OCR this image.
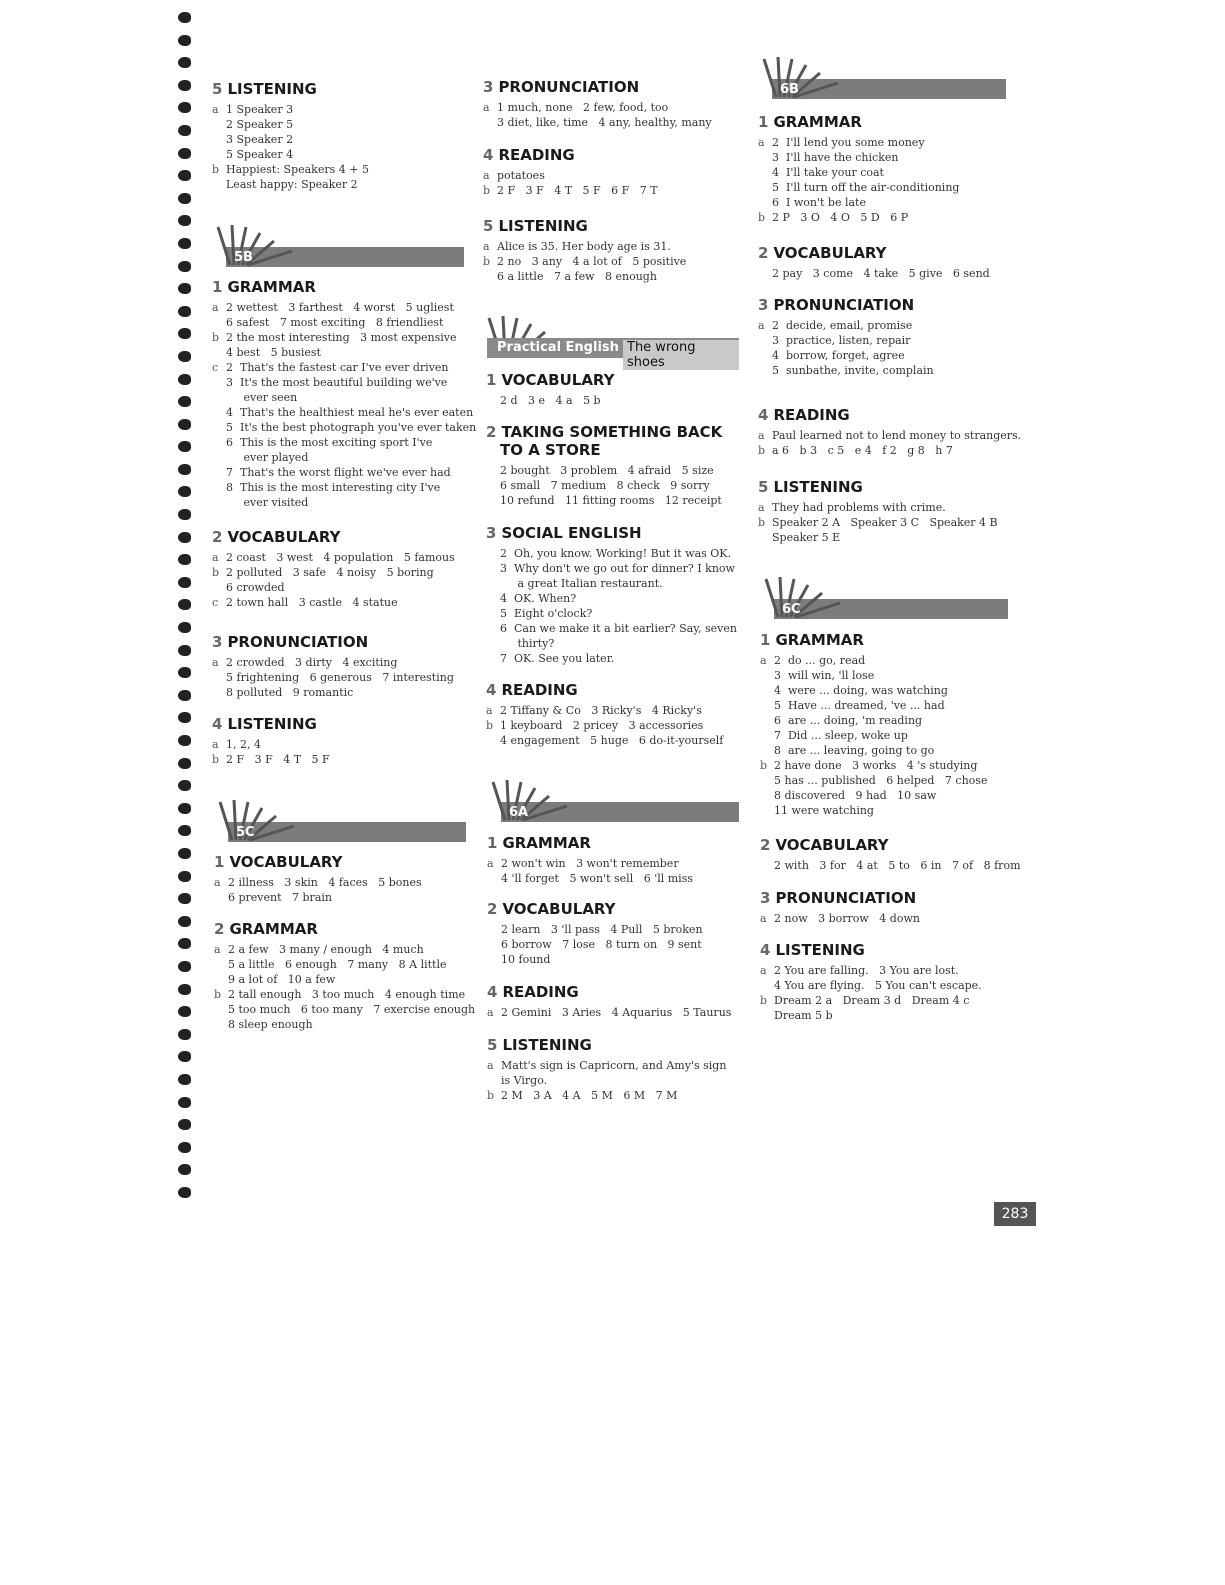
5 LISTENING
a 1 Speaker 3
2 Speaker 5
3 Speaker 2
5 Speaker 4
b Happiest: Speakers 4 + 5
Least happy: Speaker 2
5B
1 GRAMMAR
a 2 wettest   3 farthest   4 worst   5 ugliest
6 safest   7 most exciting   8 friendliest
b 2 the most interesting   3 most expensive
4 best   5 busiest
c 2  That's the fastest car I've ever driven
3  It's the most beautiful building we've
ever seen
4  That's the healthiest meal he's ever eaten
5  It's the best photograph you've ever taken
6  This is the most exciting sport I've
ever played
7  That's the worst flight we've ever had
8  This is the most interesting city I've
ever visited
2 VOCABULARY
a 2 coast   3 west   4 population   5 famous
b 2 polluted   3 safe   4 noisy   5 boring
6 crowded
c 2 town hall   3 castle   4 statue
3 PRONUNCIATION
a 2 crowded   3 dirty   4 exciting
5 frightening   6 generous   7 interesting
8 polluted   9 romantic
4 LISTENING
a 1, 2, 4
b 2 F   3 F   4 T   5 F
5C
1 VOCABULARY
a 2 illness   3 skin   4 faces   5 bones
6 prevent   7 brain
2 GRAMMAR
a 2 a few   3 many / enough   4 much
5 a little   6 enough   7 many   8 A little
9 a lot of   10 a few
b 2 tall enough   3 too much   4 enough time
5 too much   6 too many   7 exercise enough
8 sleep enough
3 PRONUNCIATION
a 1 much, none   2 few, food, too
3 diet, like, time   4 any, healthy, many
4 READING
a potatoes
b 2 F   3 F   4 T   5 F   6 F   7 T
5 LISTENING
a Alice is 35. Her body age is 31.
b 2 no   3 any   4 a lot of   5 positive
6 a little   7 a few   8 enough
Practical English The wrong shoes
1 VOCABULARY
2 d   3 e   4 a   5 b
2 TAKING SOMETHING BACK
TO A STORE
2 bought   3 problem   4 afraid   5 size
6 small   7 medium   8 check   9 sorry
10 refund   11 fitting rooms   12 receipt
3 SOCIAL ENGLISH
2  Oh, you know. Working! But it was OK.
3  Why don't we go out for dinner? I know
a great Italian restaurant.
4  OK. When?
5  Eight o'clock?
6  Can we make it a bit earlier? Say, seven
thirty?
7  OK. See you later.
4 READING
a 2 Tiffany & Co   3 Ricky's   4 Ricky's
b 1 keyboard   2 pricey   3 accessories
4 engagement   5 huge   6 do-it-yourself
6A
1 GRAMMAR
a 2 won't win   3 won't remember
4 'll forget   5 won't sell   6 'll miss
2 VOCABULARY
2 learn   3 'll pass   4 Pull   5 broken
6 borrow   7 lose   8 turn on   9 sent
10 found
4 READING
a 2 Gemini   3 Aries   4 Aquarius   5 Taurus
5 LISTENING
a Matt's sign is Capricorn, and Amy's sign
is Virgo.
b 2 M   3 A   4 A   5 M   6 M   7 M
6B
1 GRAMMAR
a 2  I'll lend you some money
3  I'll have the chicken
4  I'll take your coat
5  I'll turn off the air-conditioning
6  I won't be late
b 2 P   3 O   4 O   5 D   6 P
2 VOCABULARY
2 pay   3 come   4 take   5 give   6 send
3 PRONUNCIATION
a 2  decide, email, promise
3  practice, listen, repair
4  borrow, forget, agree
5  sunbathe, invite, complain
4 READING
a Paul learned not to lend money to strangers.
b a 6   b 3   c 5   e 4   f 2   g 8   h 7
5 LISTENING
a They had problems with crime.
b Speaker 2 A   Speaker 3 C   Speaker 4 B
Speaker 5 E
6C
1 GRAMMAR
a 2  do ... go, read
3  will win, 'll lose
4  were ... doing, was watching
5  Have ... dreamed, 've ... had
6  are ... doing, 'm reading
7  Did ... sleep, woke up
8  are ... leaving, going to go
b 2 have done   3 works   4 's studying
5 has ... published   6 helped   7 chose
8 discovered   9 had   10 saw
11 were watching
2 VOCABULARY
2 with   3 for   4 at   5 to   6 in   7 of   8 from
3 PRONUNCIATION
a 2 now   3 borrow   4 down
4 LISTENING
a 2 You are falling.   3 You are lost.
4 You are flying.   5 You can't escape.
b Dream 2 a   Dream 3 d   Dream 4 c
Dream 5 b
283
